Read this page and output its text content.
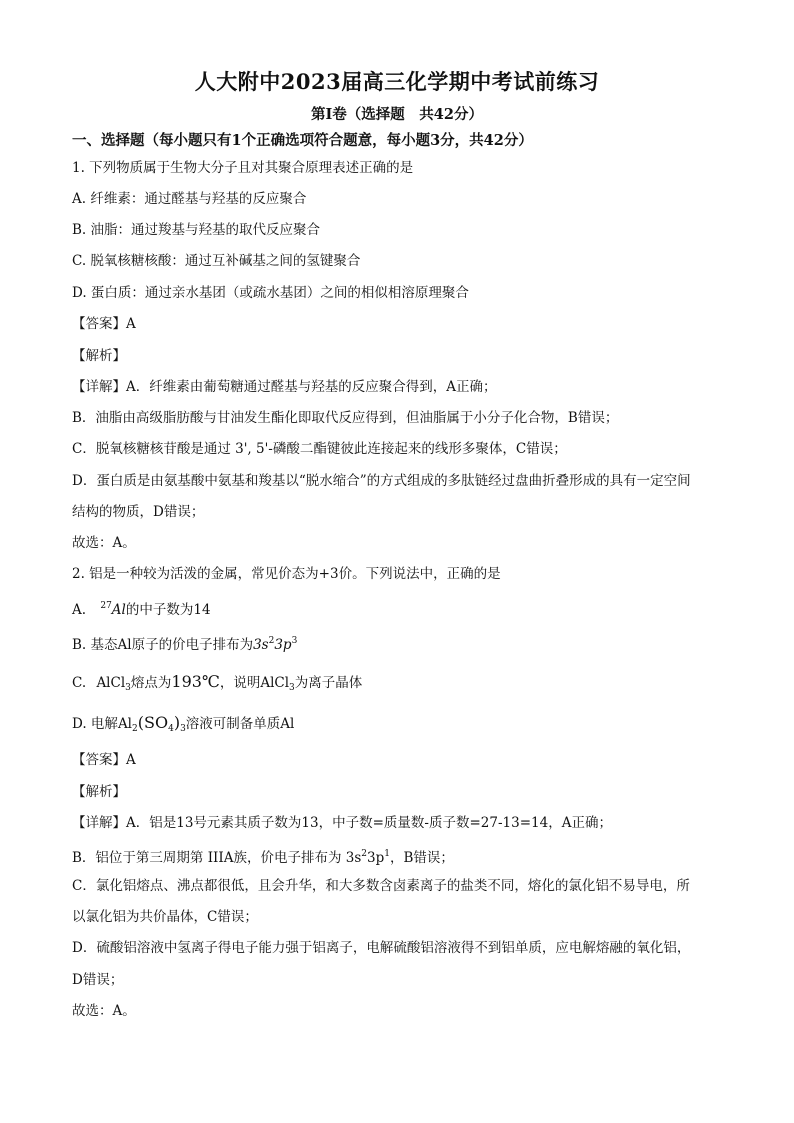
人大附中2023届高三化学期中考试前练习
第Ⅰ卷（选择题　共42分）
一、选择题（每小题只有1个正确选项符合题意，每小题3分，共42分）
1. 下列物质属于生物大分子且对其聚合原理表述正确的是
A. 纤维素：通过醛基与羟基的反应聚合
B. 油脂：通过羧基与羟基的取代反应聚合
C. 脱氧核糖核酸：通过互补碱基之间的氢键聚合
D. 蛋白质：通过亲水基团（或疏水基团）之间的相似相溶原理聚合
【答案】A
【解析】
【详解】A．纤维素由葡萄糖通过醛基与羟基的反应聚合得到，A正确；
B．油脂由高级脂肪酸与甘油发生酯化即取代反应得到，但油脂属于小分子化合物，B错误；
C．脱氧核糖核苷酸是通过 3', 5'-磷酸二酯键彼此连接起来的线形多聚体，C错误；
D．蛋白质是由氨基酸中氨基和羧基以“脱水缩合”的方式组成的多肽链经过盘曲折叠形成的具有一定空间
结构的物质，D错误；
故选：A。
2. 铝是一种较为活泼的金属，常见价态为+3价。下列说法中，正确的是
A. $^{27}$Al的中子数为14
B. 基态Al原子的价电子排布为$3s^23p^3$
C. AlCl$_3$熔点为193℃，说明AlCl$_3$为离子晶体
D. 电解$Al_2(SO_4)_3$溶液可制备单质Al
【答案】A
【解析】
【详解】A．铝是13号元素其质子数为13，中子数=质量数-质子数=27-13=14，A正确；
B．铝位于第三周期第 IIIA族，价电子排布为 $3s^23p^1$，B错误；
C．氯化铝熔点、沸点都很低，且会升华，和大多数含卤素离子的盐类不同，熔化的氯化铝不易导电，所
以氯化铝为共价晶体，C错误；
D．硫酸铝溶液中氢离子得电子能力强于铝离子，电解硫酸铝溶液得不到铝单质，应电解熔融的氧化铝，
D错误；
故选：A。
